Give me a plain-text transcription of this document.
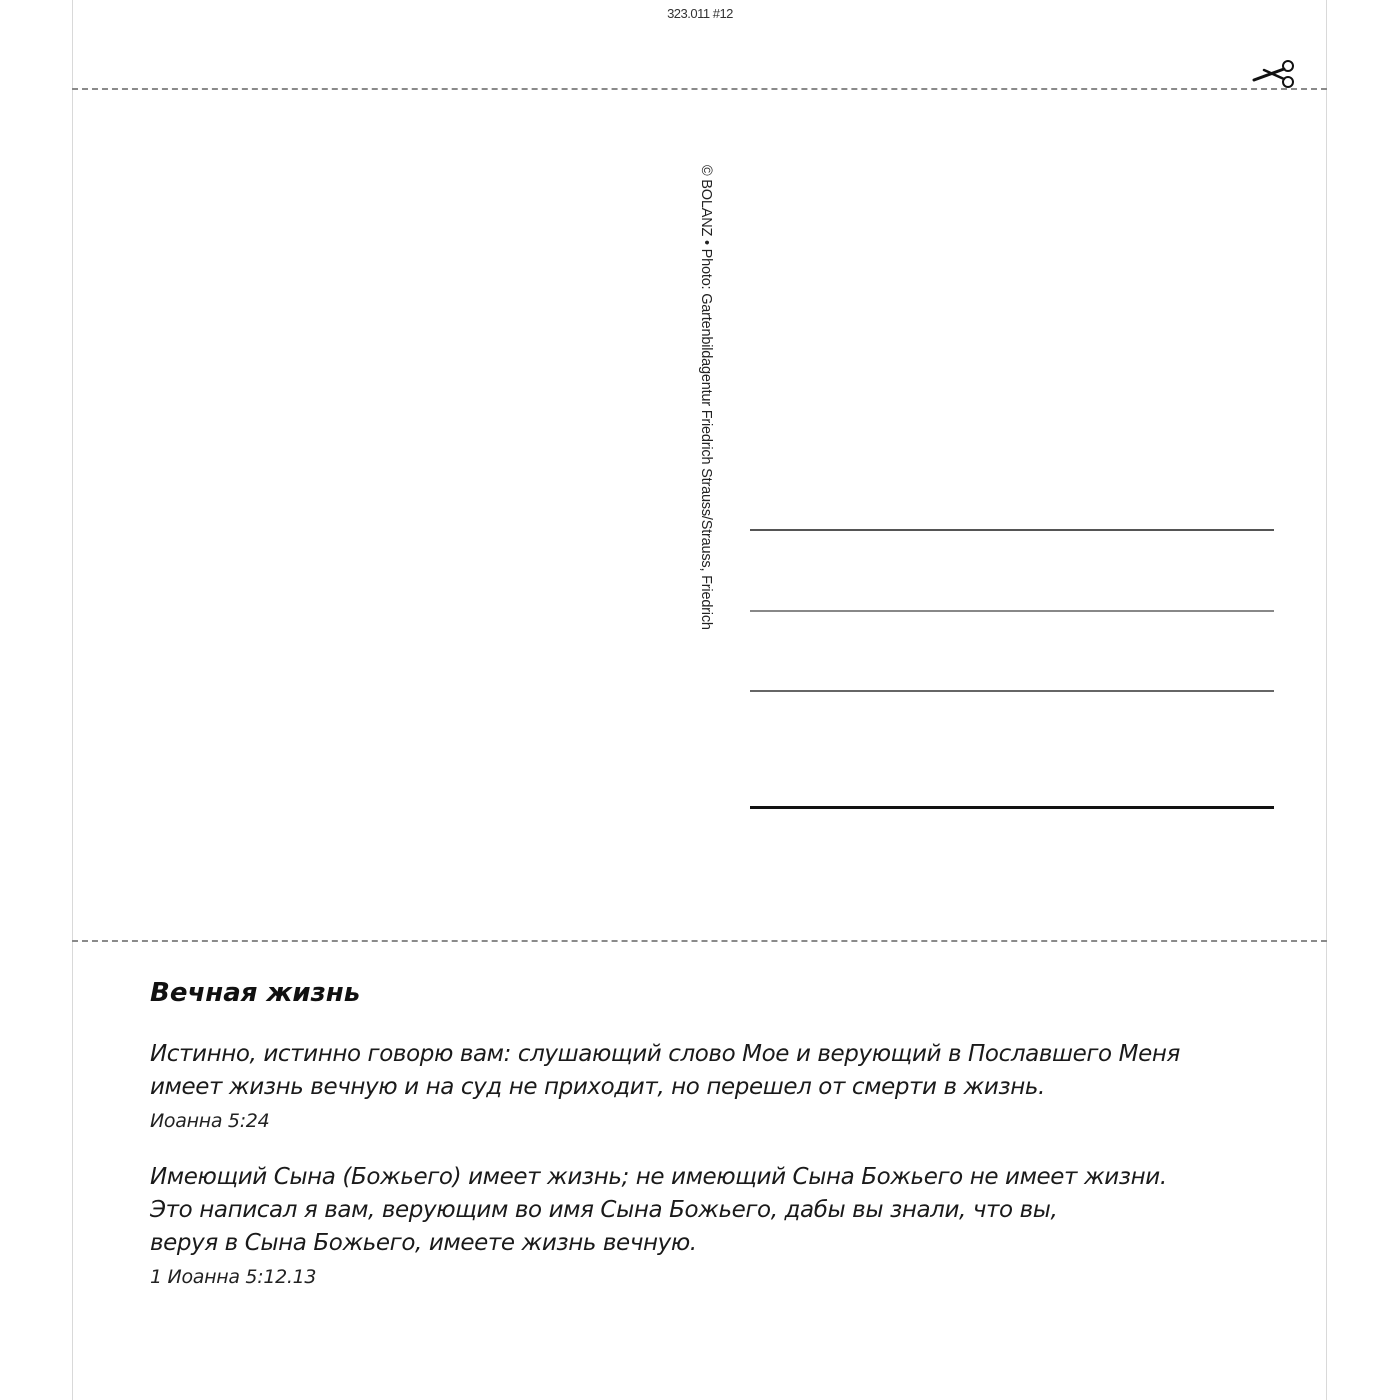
323.011 #12
© BOLANZ • Photo: Gartenbildagentur Friedrich Strauss/Strauss, Friedrich
Вечная жизнь
Истинно, истинно говорю вам: слушающий слово Мое и верующий в Пославшего Меня
имеет жизнь вечную и на суд не приходит, но перешел от смерти в жизнь.
Иоанна 5:24
Имеющий Сына (Божьего) имеет жизнь; не имеющий Сына Божьего не имеет жизни.
Это написал я вам, верующим во имя Сына Божьего, дабы вы знали, что вы,
веруя в Сына Божьего, имеете жизнь вечную.
1 Иоанна 5:12.13
